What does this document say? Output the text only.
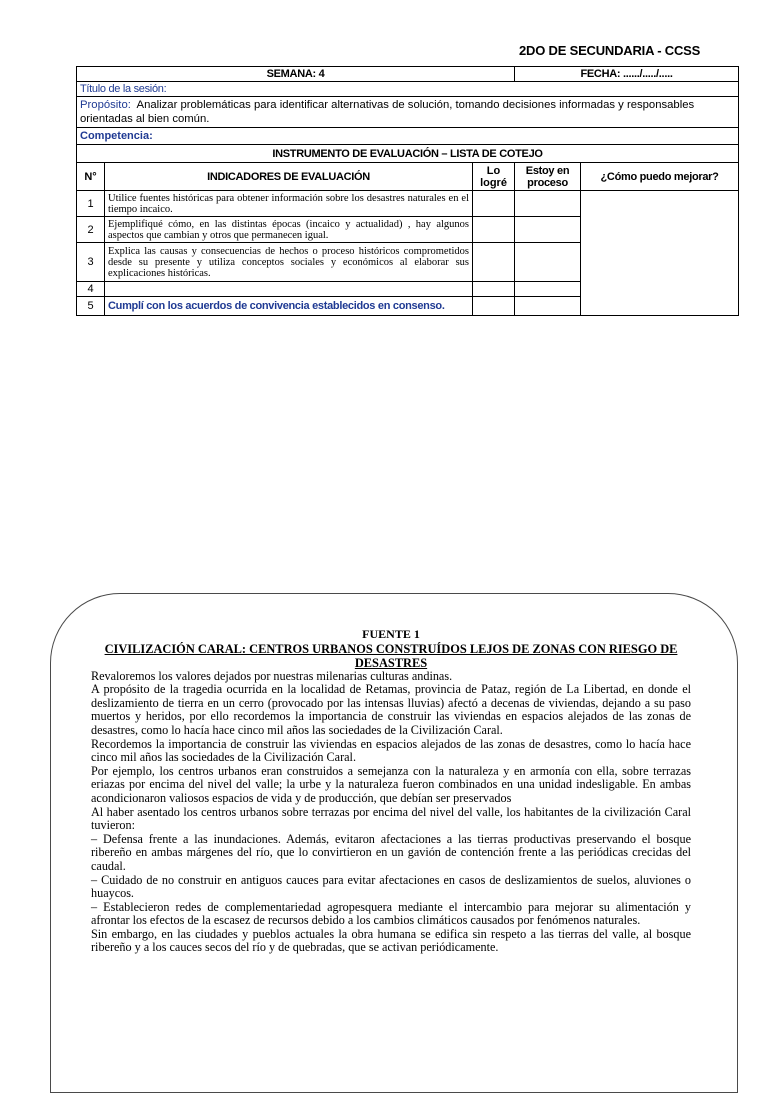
2DO DE SECUNDARIA - CCSS
SEMANA: 4			FECHA: ....../...../.....	
Título de la sesión:				
Propósito: Analizar problemáticas para identificar alternativas de solución, tomando decisiones informadas y responsables orientadas al bien común.				
Competencia:				
INSTRUMENTO DE EVALUACIÓN – LISTA DE COTEJO				
N°	INDICADORES DE EVALUACIÓN	Lo logré	Estoy en proceso	¿Cómo puedo mejorar?
1	Utilice fuentes históricas para obtener información sobre los desastres naturales en el tiempo incaico.			
2	Ejemplifiqué cómo, en las distintas épocas (incaico y actualidad) , hay algunos aspectos que cambian y otros que permanecen igual.			
3	Explica las causas y consecuencias de hechos o proceso históricos comprometidos desde su presente y utiliza conceptos sociales y económicos al elaborar sus explicaciones históricas.			
4				
5	Cumplí con los acuerdos de convivencia establecidos en consenso.			
FUENTE 1
CIVILIZACIÓN CARAL: CENTROS URBANOS CONSTRUÍDOS LEJOS DE ZONAS CON RIESGO DE DESASTRES

Revaloremos los valores dejados por nuestras milenarias culturas andinas.

A propósito de la tragedia ocurrida en la localidad de Retamas, provincia de Pataz, región de La Libertad, en donde el deslizamiento de tierra en un cerro (provocado por las intensas lluvias) afectó a decenas de viviendas, dejando a su paso muertos y heridos, por ello recordemos la importancia de construir las viviendas en espacios alejados de las zonas de desastres, como lo hacía hace cinco mil años las sociedades de la Civilización Caral.

Recordemos la importancia de construir las viviendas en espacios alejados de las zonas de desastres, como lo hacía hace cinco mil años las sociedades de la Civilización Caral.

Por ejemplo, los centros urbanos eran construidos a semejanza con la naturaleza y en armonía con ella, sobre terrazas eriazas por encima del nivel del valle; la urbe y la naturaleza fueron combinados en una unidad indesligable. En ambas acondicionaron valiosos espacios de vida y de producción, que debían ser preservados

Al haber asentado los centros urbanos sobre terrazas por encima del nivel del valle, los habitantes de la civilización Caral tuvieron:

– Defensa frente a las inundaciones. Además, evitaron afectaciones a las tierras productivas preservando el bosque ribereño en ambas márgenes del río, que lo convirtieron en un gavión de contención frente a las periódicas crecidas del caudal.

– Cuidado de no construir en antiguos cauces para evitar afectaciones en casos de deslizamientos de suelos, aluviones o huaycos.

– Establecieron redes de complementariedad agropesquera mediante el intercambio para mejorar su alimentación y afrontar los efectos de la escasez de recursos debido a los cambios climáticos causados por fenómenos naturales.

Sin embargo, en las ciudades y pueblos actuales la obra humana se edifica sin respeto a las tierras del valle, al bosque ribereño y a los cauces secos del río y de quebradas, que se activan periódicamente.
